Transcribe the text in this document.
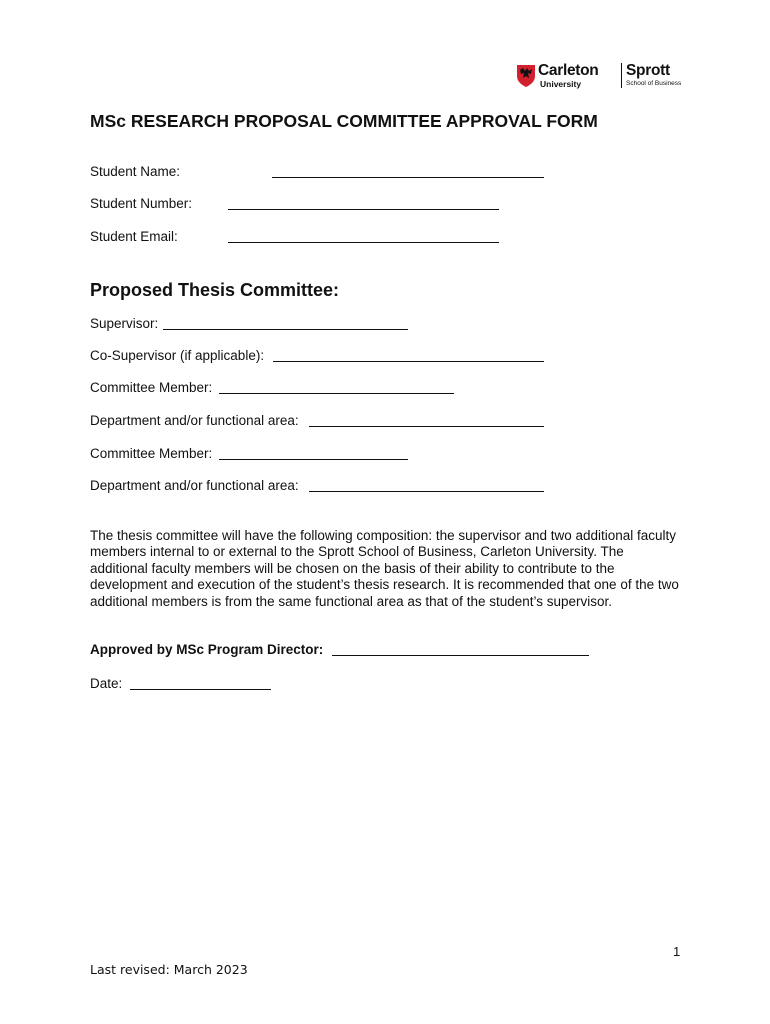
Carleton
University
Sprott
School of Business
MSc RESEARCH PROPOSAL COMMITTEE APPROVAL FORM
Student Name:
Student Number:
Student Email:
Proposed Thesis Committee:
Supervisor:
Co-Supervisor (if applicable):
Committee Member:
Department and/or functional area:
Committee Member:
Department and/or functional area:
The thesis committee will have the following composition: the supervisor and two additional faculty members internal to or external to the Sprott School of Business, Carleton University. The additional faculty members will be chosen on the basis of their ability to contribute to the development and execution of the student’s thesis research. It is recommended that one of the two additional members is from the same functional area as that of the student’s supervisor.
Approved by MSc Program Director:
Date:
1
Last revised: March 2023
